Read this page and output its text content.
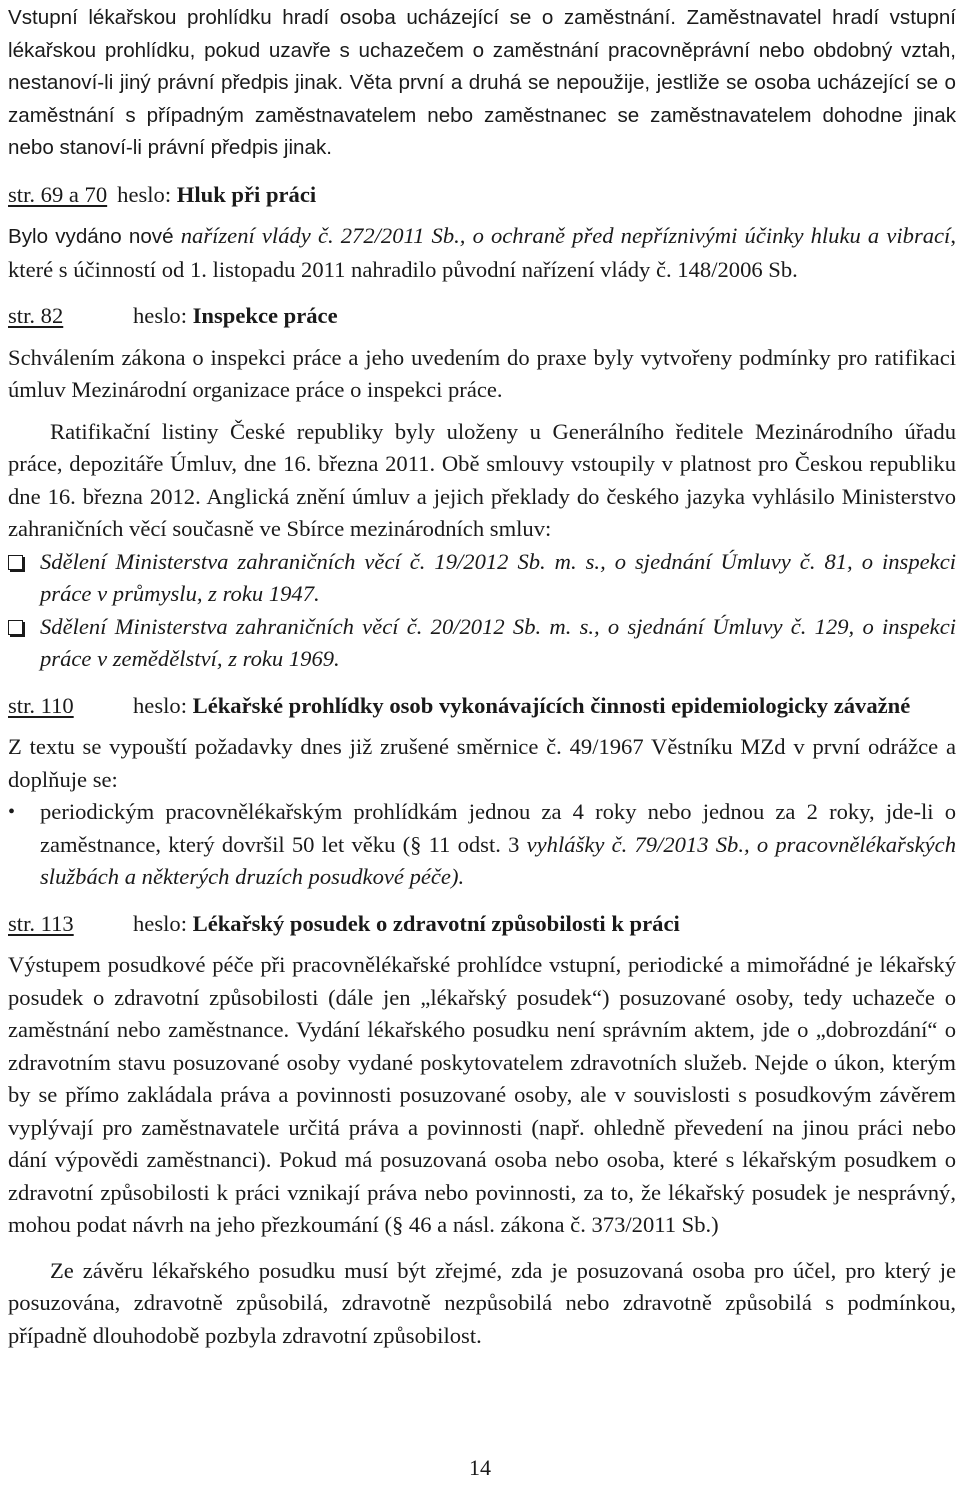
Vstupní lékařskou prohlídku hradí osoba ucházející se o zaměstnání. Zaměstnavatel hradí vstupní lékařskou prohlídku, pokud uzavře s uchazečem o zaměstnání pracovněprávní nebo obdobný vztah, nestanoví-li jiný právní předpis jinak. Věta první a druhá se nepoužije, jestliže se osoba ucházející se o zaměstnání s případným zaměstnavatelem nebo zaměstnanec se zaměstnavatelem dohodne jinak nebo stanoví-li právní předpis jinak.

str. 69 a 70 heslo: Hluk při práci

Bylo vydáno nové nařízení vlády č. 272/2011 Sb., o ochraně před nepříznivými účinky hluku a vibrací, které s účinností od 1. listopadu 2011 nahradilo původní nařízení vlády č. 148/2006 Sb.

str. 82	heslo: Inspekce práce

Schválením zákona o inspekci práce a jeho uvedením do praxe byly vytvořeny podmínky pro ratifikaci úmluv Mezinárodní organizace práce o inspekci práce.

Ratifikační listiny České republiky byly uloženy u Generálního ředitele Mezinárodního úřadu práce, depozitáře Úmluv, dne 16. března 2011. Obě smlouvy vstoupily v platnost pro Českou republiku dne 16. března 2012. Anglická znění úmluv a jejich překlady do českého jazyka vyhlásilo Ministerstvo zahraničních věcí současně ve Sbírce mezinárodních smluv:

Sdělení Ministerstva zahraničních věcí č. 19/2012 Sb. m. s., o sjednání Úmluvy č. 81, o inspekci práce v průmyslu, z roku 1947.
Sdělení Ministerstva zahraničních věcí č. 20/2012 Sb. m. s., o sjednání Úmluvy č. 129, o inspekci práce v zemědělství, z roku 1969.
str. 110	heslo: Lékařské prohlídky osob vykonávajících činnosti epidemiologicky závažné

Z textu se vypouští požadavky dnes již zrušené směrnice č. 49/1967 Věstníku MZd v první odrážce a doplňuje se:

•	periodickým pracovnělékařským prohlídkám jednou za 4 roky nebo jednou za 2 roky, jde-li o zaměstnance, který dovršil 50 let věku (§ 11 odst. 3 vyhlášky č. 79/2013 Sb., o pracovnělékařských službách a některých druzích posudkové péče).
str. 113	heslo: Lékařský posudek o zdravotní způsobilosti k práci

Výstupem posudkové péče při pracovnělékařské prohlídce vstupní, periodické a mimořádné je lékařský posudek o zdravotní způsobilosti (dále jen „lékařský posudek“) posuzované osoby, tedy uchazeče o zaměstnání nebo zaměstnance. Vydání lékařského posudku není správním aktem, jde o „dobrozdání“ o zdravotním stavu posuzované osoby vydané poskytovatelem zdravotních služeb. Nejde o úkon, kterým by se přímo zakládala práva a povinnosti posuzované osoby, ale v souvislosti s posudkovým závěrem vyplývají pro zaměstnavatele určitá práva a povinnosti (např. ohledně převedení na jinou práci nebo dání výpovědi zaměstnanci). Pokud má posuzovaná osoba nebo osoba, které s lékařským posudkem o zdravotní způsobilosti k práci vznikají práva nebo povinnosti, za to, že lékařský posudek je nesprávný, mohou podat návrh na jeho přezkoumání (§ 46 a násl. zákona č. 373/2011 Sb.)

Ze závěru lékařského posudku musí být zřejmé, zda je posuzovaná osoba pro účel, pro který je posuzována, zdravotně způsobilá, zdravotně nezpůsobilá nebo zdravotně způsobilá s podmínkou, případně dlouhodobě pozbyla zdravotní způsobilost.

14
